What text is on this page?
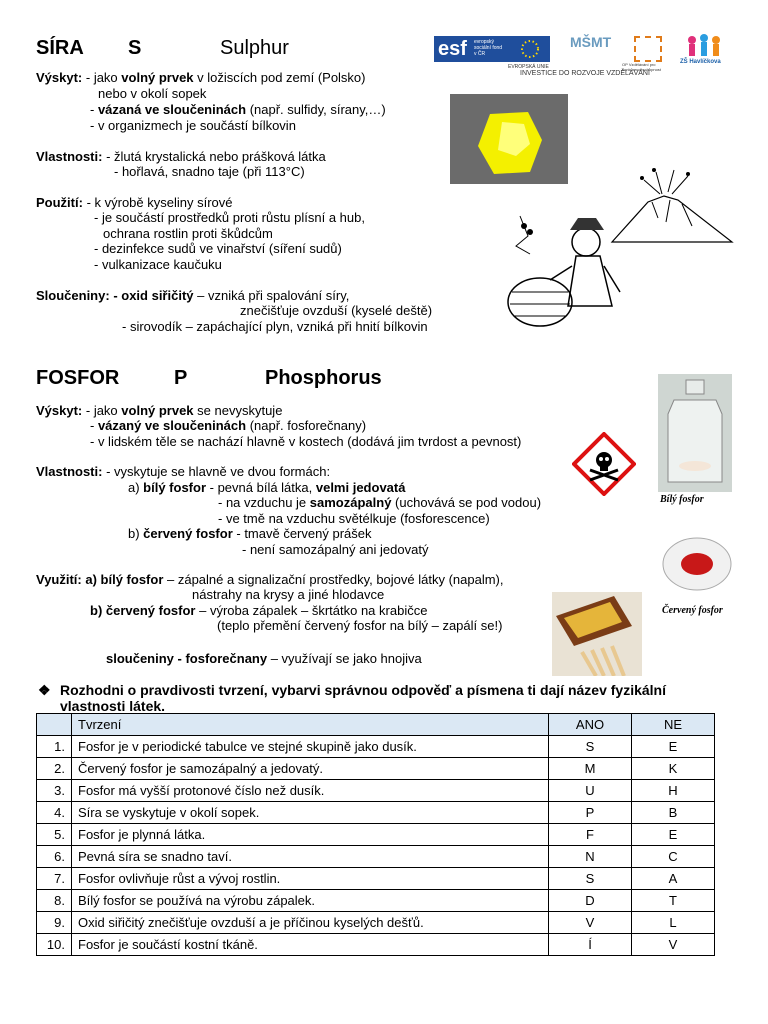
SÍRA S	Sulphur	esf	evropský sociální fond v ČR
EVROPSKÁ UNIE
MŠMT
OP Vzdělávání pro konkurenceschopnost
ZŠ Havlíčkova
INVESTICE DO ROZVOJE VZDĚLÁVÁNÍ
Výskyt: - jako volný prvek v ložiscích pod zemí (Polsko)
nebo v okolí sopek
- vázaná ve sloučeninách (např. sulfidy, sírany,…)
- v organizmech je součástí bílkovin
Vlastnosti: - žlutá krystalická nebo prášková látka
- hořlavá, snadno taje (při 113°C)
Použití: - k výrobě kyseliny sírové
- je součástí prostředků proti růstu plísní a hub,
ochrana rostlin proti škůdcům
- dezinfekce sudů ve vinařství (síření sudů)
- vulkanizace kaučuku
Sloučeniny: - oxid siřičitý – vzniká při spalování síry,
znečišťuje ovzduší (kyselé deště)
- sirovodík – zapáchající plyn, vzniká při hnití bílkovin
FOSFOR	P	Phosphorus
Výskyt: - jako volný prvek se nevyskytuje
- vázaný ve sloučeninách (např. fosforečnany)
- v lidském těle se nachází hlavně v kostech (dodává jim tvrdost a pevnost)
Vlastnosti: - vyskytuje se hlavně ve dvou formách:
a) bílý fosfor - pevná bílá látka, velmi jedovatá
- na vzduchu je samozápalný (uchovává se pod vodou)
- ve tmě na vzduchu světélkuje (fosforescence)
b) červený fosfor - tmavě červený prášek
- není samozápalný ani jedovatý
Využití: a) bílý fosfor – zápalné a signalizační prostředky, bojové látky (napalm),
nástrahy na krysy a jiné hlodavce
b) červený fosfor – výroba zápalek – škrtátko na krabičce
(teplo přemění červený fosfor na bílý – zapálí se!)
sloučeniny - fosforečnany – využívají se jako hnojiva
Bílý fosfor
Červený fosfor
❖ Rozhodni o pravdivosti tvrzení, vybarvi správnou odpověď a písmena ti dají název fyzikální
vlastnosti látek.
	Tvrzení	ANO	NE
1.	Fosfor je v periodické tabulce ve stejné skupině jako dusík.	S	E
2.	Červený fosfor je samozápalný a jedovatý.	M	K
3.	Fosfor má vyšší protonové číslo než dusík.	U	H
4.	Síra se vyskytuje v okolí sopek.	P	B
5.	Fosfor je plynná látka.	F	E
6.	Pevná síra se snadno taví.	N	C
7.	Fosfor ovlivňuje růst a vývoj rostlin.	S	A
8.	Bílý fosfor se používá na výrobu zápalek.	D	T
9.	Oxid siřičitý znečišťuje ovzduší a je příčinou kyselých dešťů.	V	L
10.	Fosfor je součástí kostní tkáně.	Í	V
